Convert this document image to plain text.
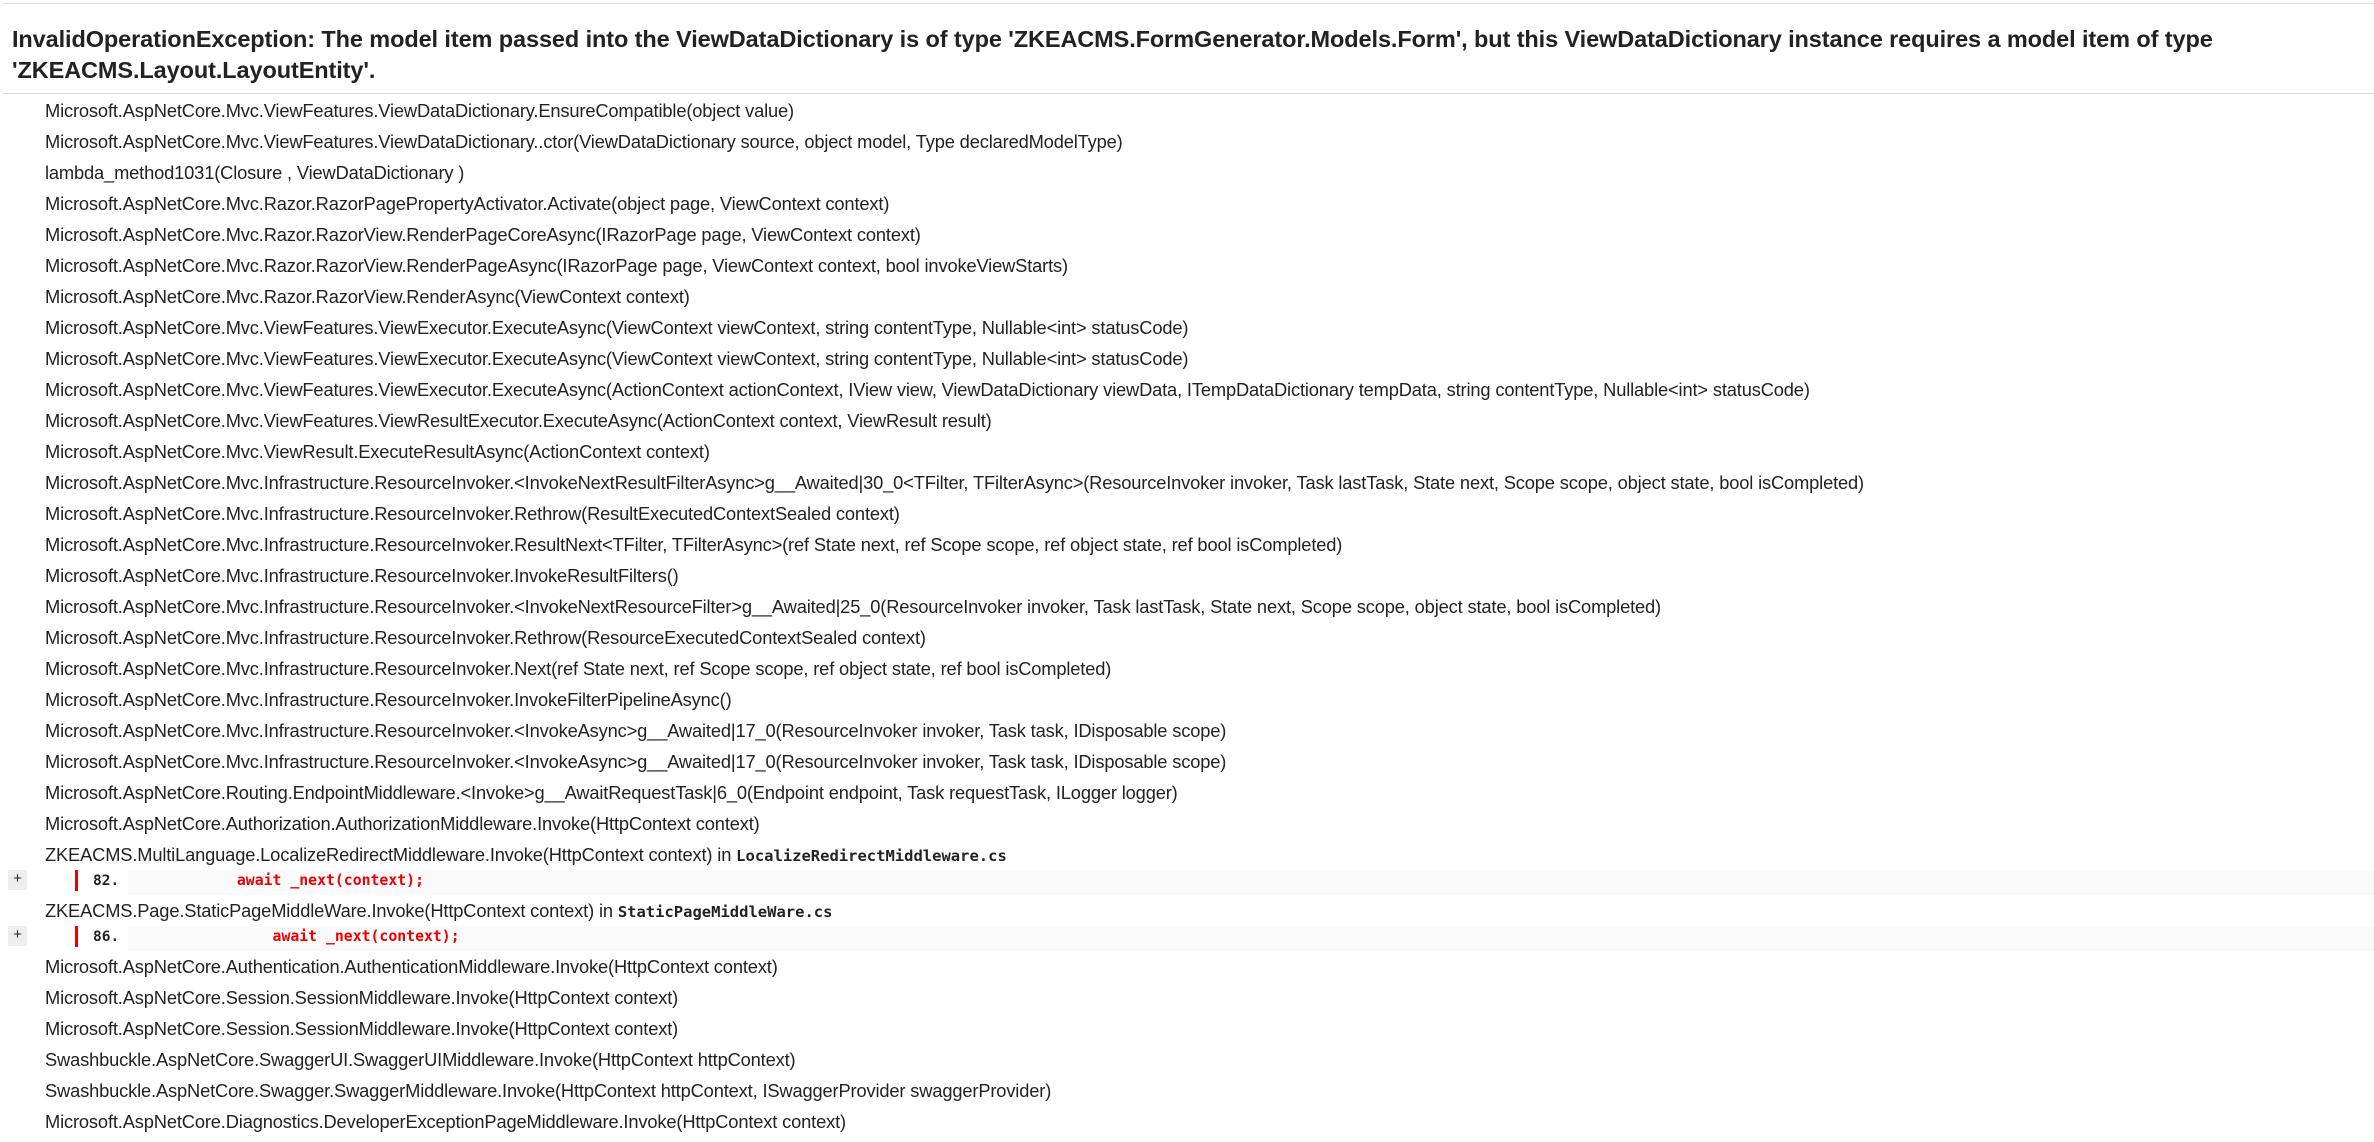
InvalidOperationException: The model item passed into the ViewDataDictionary is of type 'ZKEACMS.FormGenerator.Models.Form', but this ViewDataDictionary instance requires a model item of type 'ZKEACMS.Layout.LayoutEntity'.
Microsoft.AspNetCore.Mvc.ViewFeatures.ViewDataDictionary.EnsureCompatible(object value)
Microsoft.AspNetCore.Mvc.ViewFeatures.ViewDataDictionary..ctor(ViewDataDictionary source, object model, Type declaredModelType)
lambda_method1031(Closure , ViewDataDictionary )
Microsoft.AspNetCore.Mvc.Razor.RazorPagePropertyActivator.Activate(object page, ViewContext context)
Microsoft.AspNetCore.Mvc.Razor.RazorView.RenderPageCoreAsync(IRazorPage page, ViewContext context)
Microsoft.AspNetCore.Mvc.Razor.RazorView.RenderPageAsync(IRazorPage page, ViewContext context, bool invokeViewStarts)
Microsoft.AspNetCore.Mvc.Razor.RazorView.RenderAsync(ViewContext context)
Microsoft.AspNetCore.Mvc.ViewFeatures.ViewExecutor.ExecuteAsync(ViewContext viewContext, string contentType, Nullable<int> statusCode)
Microsoft.AspNetCore.Mvc.ViewFeatures.ViewExecutor.ExecuteAsync(ViewContext viewContext, string contentType, Nullable<int> statusCode)
Microsoft.AspNetCore.Mvc.ViewFeatures.ViewExecutor.ExecuteAsync(ActionContext actionContext, IView view, ViewDataDictionary viewData, ITempDataDictionary tempData, string contentType, Nullable<int> statusCode)
Microsoft.AspNetCore.Mvc.ViewFeatures.ViewResultExecutor.ExecuteAsync(ActionContext context, ViewResult result)
Microsoft.AspNetCore.Mvc.ViewResult.ExecuteResultAsync(ActionContext context)
Microsoft.AspNetCore.Mvc.Infrastructure.ResourceInvoker.<InvokeNextResultFilterAsync>g__Awaited|30_0<TFilter, TFilterAsync>(ResourceInvoker invoker, Task lastTask, State next, Scope scope, object state, bool isCompleted)
Microsoft.AspNetCore.Mvc.Infrastructure.ResourceInvoker.Rethrow(ResultExecutedContextSealed context)
Microsoft.AspNetCore.Mvc.Infrastructure.ResourceInvoker.ResultNext<TFilter, TFilterAsync>(ref State next, ref Scope scope, ref object state, ref bool isCompleted)
Microsoft.AspNetCore.Mvc.Infrastructure.ResourceInvoker.InvokeResultFilters()
Microsoft.AspNetCore.Mvc.Infrastructure.ResourceInvoker.<InvokeNextResourceFilter>g__Awaited|25_0(ResourceInvoker invoker, Task lastTask, State next, Scope scope, object state, bool isCompleted)
Microsoft.AspNetCore.Mvc.Infrastructure.ResourceInvoker.Rethrow(ResourceExecutedContextSealed context)
Microsoft.AspNetCore.Mvc.Infrastructure.ResourceInvoker.Next(ref State next, ref Scope scope, ref object state, ref bool isCompleted)
Microsoft.AspNetCore.Mvc.Infrastructure.ResourceInvoker.InvokeFilterPipelineAsync()
Microsoft.AspNetCore.Mvc.Infrastructure.ResourceInvoker.<InvokeAsync>g__Awaited|17_0(ResourceInvoker invoker, Task task, IDisposable scope)
Microsoft.AspNetCore.Mvc.Infrastructure.ResourceInvoker.<InvokeAsync>g__Awaited|17_0(ResourceInvoker invoker, Task task, IDisposable scope)
Microsoft.AspNetCore.Routing.EndpointMiddleware.<Invoke>g__AwaitRequestTask|6_0(Endpoint endpoint, Task requestTask, ILogger logger)
Microsoft.AspNetCore.Authorization.AuthorizationMiddleware.Invoke(HttpContext context)
ZKEACMS.MultiLanguage.LocalizeRedirectMiddleware.Invoke(HttpContext context) in LocalizeRedirectMiddleware.cs
+	82. await _next(context);
ZKEACMS.Page.StaticPageMiddleWare.Invoke(HttpContext context) in StaticPageMiddleWare.cs
+	86. await _next(context);
Microsoft.AspNetCore.Authentication.AuthenticationMiddleware.Invoke(HttpContext context)
Microsoft.AspNetCore.Session.SessionMiddleware.Invoke(HttpContext context)
Microsoft.AspNetCore.Session.SessionMiddleware.Invoke(HttpContext context)
Swashbuckle.AspNetCore.SwaggerUI.SwaggerUIMiddleware.Invoke(HttpContext httpContext)
Swashbuckle.AspNetCore.Swagger.SwaggerMiddleware.Invoke(HttpContext httpContext, ISwaggerProvider swaggerProvider)
Microsoft.AspNetCore.Diagnostics.DeveloperExceptionPageMiddleware.Invoke(HttpContext context)
